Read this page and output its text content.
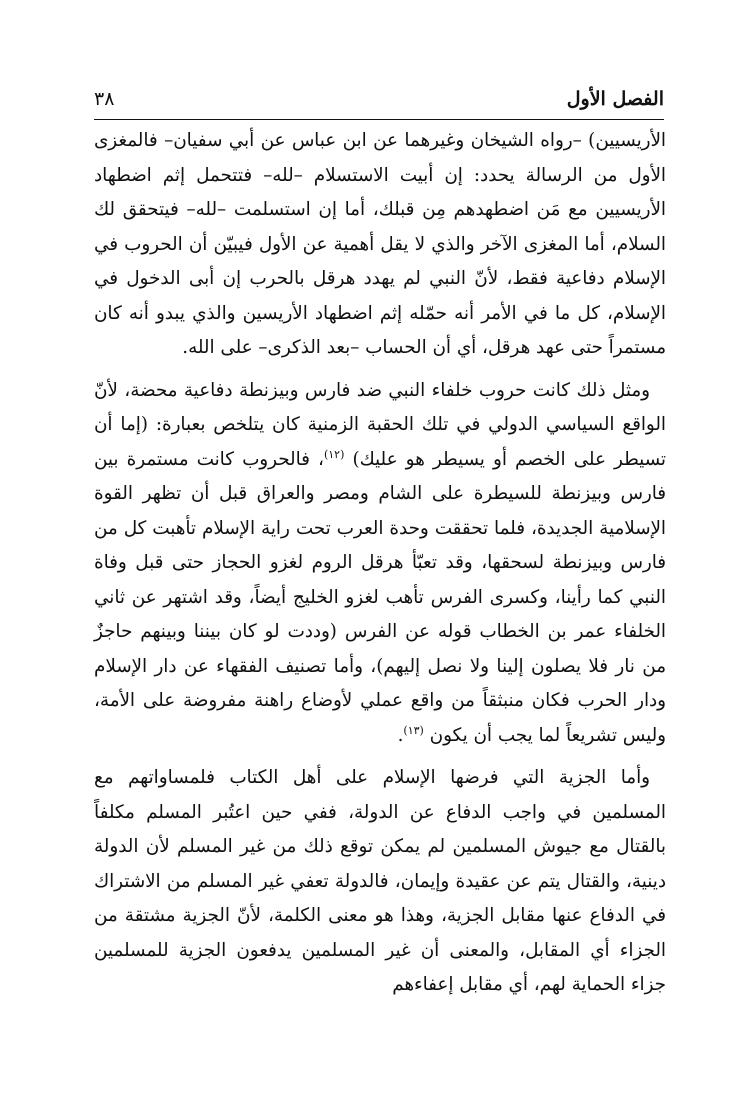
الفصل الأول
٣٨

الأريسيين) –رواه الشيخان وغيرهما عن ابن عباس عن أبي سفيان– فالمغزى الأول من الرسالة يحدد: إن أبيت الاستسلام –لله– فتتحمل إثم اضطهاد الأريسيين مع مَن اضطهدهم مِن قبلك، أما إن استسلمت –لله– فيتحقق لك السلام، أما المغزى الآخر والذي لا يقل أهمية عن الأول فيبيّن أن الحروب في الإسلام دفاعية فقط، لأنّ النبي لم يهدد هرقل بالحرب إن أبى الدخول في الإسلام، كل ما في الأمر أنه حمّله إثم اضطهاد الأريسين والذي يبدو أنه كان مستمراً حتى عهد هرقل، أي أن الحساب –بعد الذكرى– على الله.

ومثل ذلك كانت حروب خلفاء النبي ضد فارس وبيزنطة دفاعية محضة، لأنّ الواقع السياسي الدولي في تلك الحقبة الزمنية كان يتلخص بعبارة: (إما أن تسيطر على الخصم أو يسيطر هو عليك) $^{(١٢)}$، فالحروب كانت مستمرة بين فارس وبيزنطة للسيطرة على الشام ومصر والعراق قبل أن تظهر القوة الإسلامية الجديدة، فلما تحققت وحدة العرب تحت راية الإسلام تأهبت كل من فارس وبيزنطة لسحقها، وقد تعبّأ هرقل الروم لغزو الحجاز حتى قبل وفاة النبي كما رأينا، وكسرى الفرس تأهب لغزو الخليج أيضاً، وقد اشتهر عن ثاني الخلفاء عمر بن الخطاب قوله عن الفرس (وددت لو كان بيننا وبينهم حاجزٌ من نار فلا يصلون إلينا ولا نصل إليهم)، وأما تصنيف الفقهاء عن دار الإسلام ودار الحرب فكان منبثقاً من واقع عملي لأوضاع راهنة مفروضة على الأمة، وليس تشريعاً لما يجب أن يكون $^{(١٣)}$.

وأما الجزية التي فرضها الإسلام على أهل الكتاب فلمساواتهم مع المسلمين في واجب الدفاع عن الدولة، ففي حين اعتُبر المسلم مكلفاً بالقتال مع جيوش المسلمين لم يمكن توقع ذلك من غير المسلم لأن الدولة دينية، والقتال يتم عن عقيدة وإيمان، فالدولة تعفي غير المسلم من الاشتراك في الدفاع عنها مقابل الجزية، وهذا هو معنى الكلمة، لأنّ الجزية مشتقة من الجزاء أي المقابل، والمعنى أن غير المسلمين يدفعون الجزية للمسلمين جزاء الحماية لهم، أي مقابل إعفاءهم
